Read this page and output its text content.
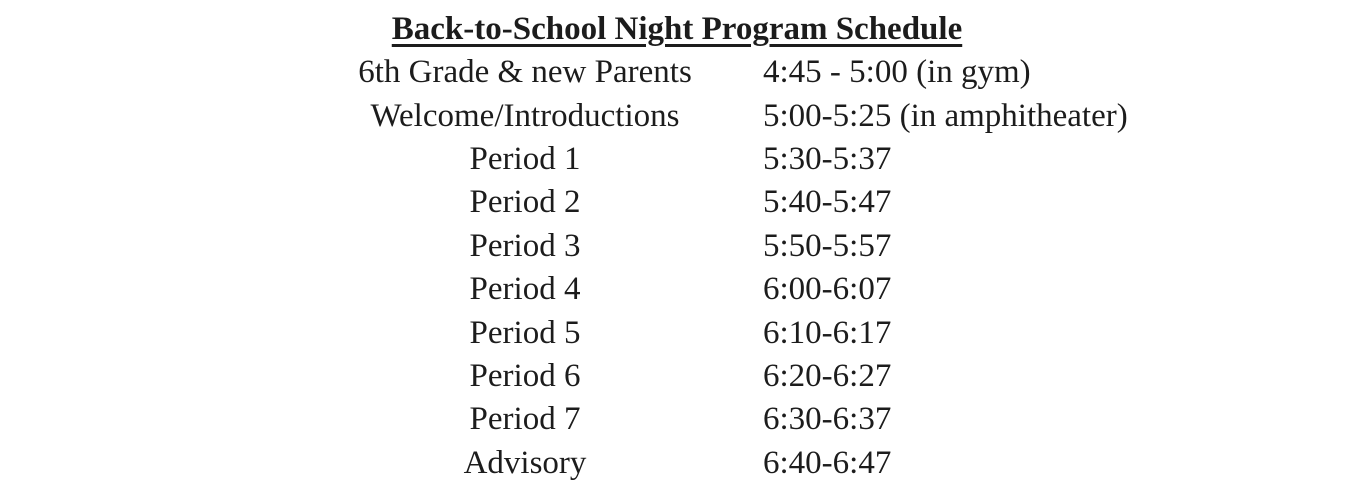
Back-to-School Night Program Schedule
6th Grade & new Parents	4:45 - 5:00 (in gym)
Welcome/Introductions	5:00-5:25 (in amphitheater)
Period 1	5:30-5:37
Period 2	5:40-5:47
Period 3	5:50-5:57
Period 4	6:00-6:07
Period 5	6:10-6:17
Period 6	6:20-6:27
Period 7	6:30-6:37
Advisory	6:40-6:47
